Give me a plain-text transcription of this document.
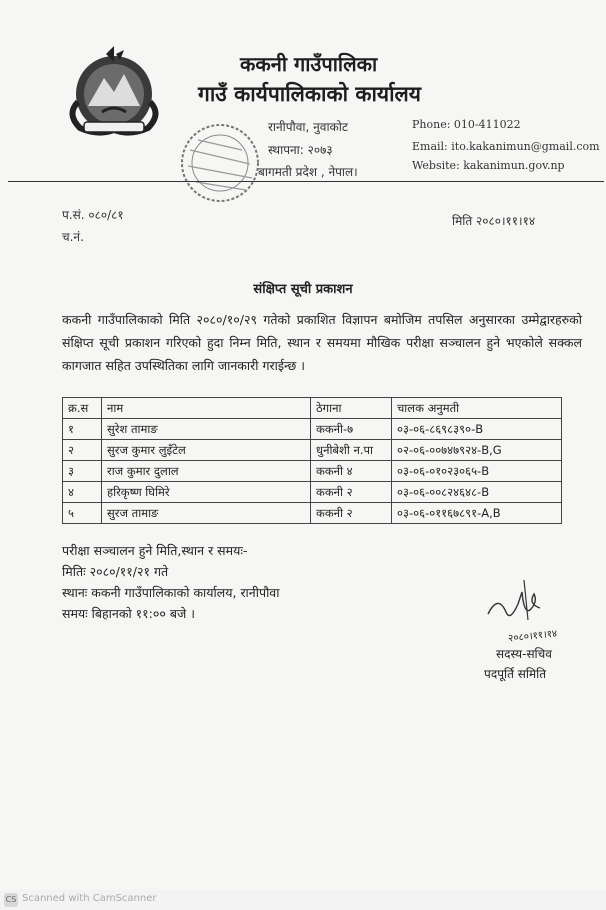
ककनी गाउँपालिका
गाउँ कार्यपालिकाको कार्यालय
रानीपौवा, नुवाकोट
स्थापना: २०७३
बागमती प्रदेश , नेपाल।
Phone: 010-411022
Email: ito.kakanimun@gmail.com
Website: kakanimun.gov.np
प.सं. ०८०/८१
च.नं.
मिति २०८०।११।१४
संक्षिप्त सूची प्रकाशन
ककनी गाउँपालिकाको मिति २०८०/१०/२९ गतेको प्रकाशित विज्ञापन बमोजिम तपसिल अनुसारका उम्मेद्वारहरुको संक्षिप्त सूची प्रकाशन गरिएको हुदा निम्न मिति, स्थान र समयमा मौखिक परीक्षा सञ्चालन हुने भएकोले सक्कल कागजात सहित उपस्थितिका लागि जानकारी गराईन्छ ।
क्र.स	नाम	ठेगाना	चालक अनुमती
१	सुरेश तामाङ	ककनी-७	०३-०६-८६९८३९०-B
२	सुरज कुमार लुइँटेल	धुनीबेशी न.पा	०२-०६-००७४७९२४-B,G
३	राज कुमार दुलाल	ककनी ४	०३-०६-०१०२३०६५-B
४	हरिकृष्ण घिमिरे	ककनी २	०३-०६-००८२४६४८-B
५	सुरज तामाङ	ककनी २	०३-०६-०११६७८९१-A,B
परीक्षा सञ्चालन हुने मिति,स्थान र समयः-
मितिः २०८०/११/२१ गते
स्थानः ककनी गाउँपालिकाको कार्यालय, रानीपौवा
समयः बिहानको ११:०० बजे ।
२०८०।११।१४
सदस्य-सचिव
पदपूर्ति समिति
CS Scanned with CamScanner
